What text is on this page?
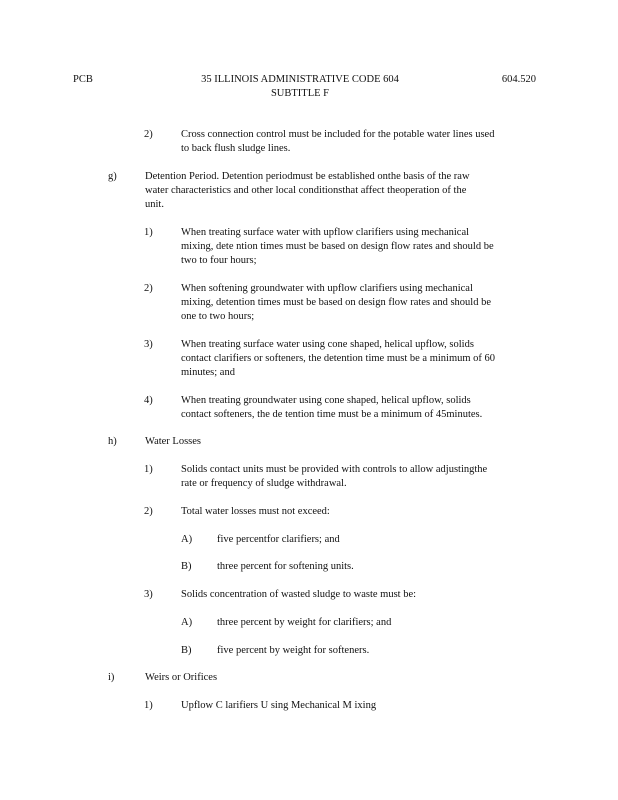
PCB	35 ILLINOIS ADMINISTRATIVE CODE 604
SUBTITLE F
604.520
2)	Cross connection control must be included for the potable water lines used
to back flush sludge lines.
g)	Detention Period. Detention periodmust be established onthe basis of the raw
water characteristics and other local conditionsthat affect theoperation of the
unit.
1)	When treating surface water with upflow clarifiers using mechanical
mixing, dete ntion times must be based on design flow rates and should be
two to four hours;
2)	When softening groundwater with upflow clarifiers using mechanical
mixing, detention times must be based on design flow rates and should be
one to two hours;
3)	When treating surface water using cone shaped, helical upflow, solids
contact clarifiers or softeners, the detention time must be a minimum of 60
minutes; and
4)	When treating groundwater using cone shaped, helical upflow, solids
contact softeners, the de tention time must be a minimum of 45minutes.
h)	Water Losses
1)	Solids contact units must be provided with controls to allow adjustingthe
rate or frequency of sludge withdrawal.
2)	Total water losses must not exceed:
A) five percentfor clarifiers; and
B) three percent for softening units.
3)	Solids concentration of wasted sludge to waste must be:
A) three percent by weight for clarifiers; and
B) five percent by weight for softeners.
i)	Weirs or Orifices
1)	Upflow C larifiers U sing Mechanical M ixing
